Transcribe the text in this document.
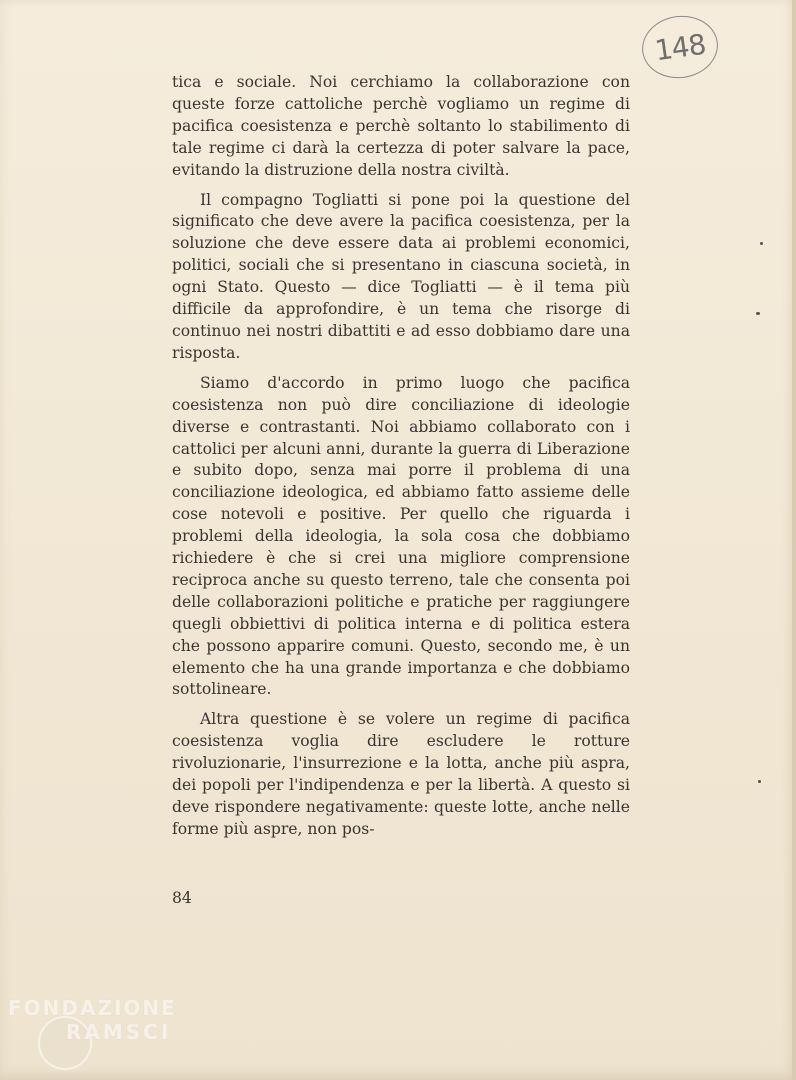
148

tica e sociale. Noi cerchiamo la collaborazione con queste forze cattoliche perchè vogliamo un regime di pacifica coesistenza e perchè soltanto lo stabilimento di tale regime ci darà la certezza di poter salvare la pace, evitando la distruzione della nostra civiltà.

Il compagno Togliatti si pone poi la questione del significato che deve avere la pacifica coesistenza, per la soluzione che deve essere data ai problemi economici, politici, sociali che si presentano in ciascuna società, in ogni Stato. Questo — dice Togliatti — è il tema più difficile da approfondire, è un tema che risorge di continuo nei nostri dibattiti e ad esso dobbiamo dare una risposta.

Siamo d'accordo in primo luogo che pacifica coesistenza non può dire conciliazione di ideologie diverse e contrastanti. Noi abbiamo collaborato con i cattolici per alcuni anni, durante la guerra di Liberazione e subito dopo, senza mai porre il problema di una conciliazione ideologica, ed abbiamo fatto assieme delle cose notevoli e positive. Per quello che riguarda i problemi della ideologia, la sola cosa che dobbiamo richiedere è che si crei una migliore comprensione reciproca anche su questo terreno, tale che consenta poi delle collaborazioni politiche e pratiche per raggiungere quegli obbiettivi di politica interna e di politica estera che possono apparire comuni. Questo, secondo me, è un elemento che ha una grande importanza e che dobbiamo sottolineare.

Altra questione è se volere un regime di pacifica coesistenza voglia dire escludere le rotture rivoluzionarie, l'insurrezione e la lotta, anche più aspra, dei popoli per l'indipendenza e per la libertà. A questo si deve rispondere negativamente: queste lotte, anche nelle forme più aspre, non pos-

84
FONDAZIONE
RAMSCI
